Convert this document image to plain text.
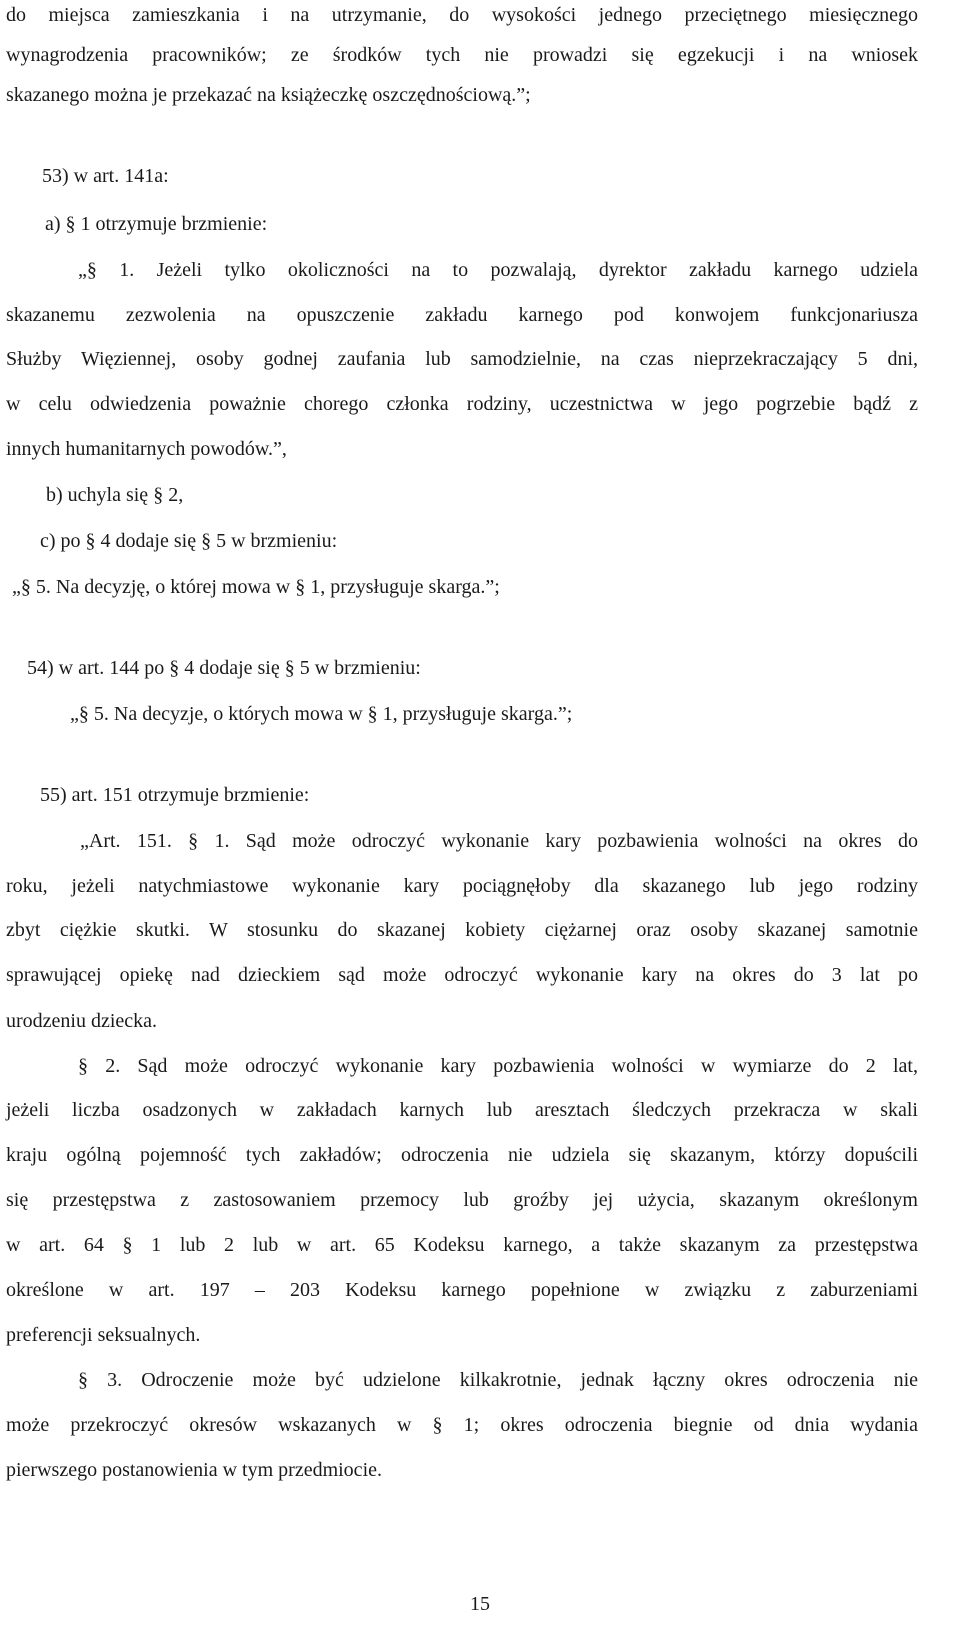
do miejsca zamieszkania i na utrzymanie, do wysokości jednego przeciętnego miesięcznego
wynagrodzenia pracowników; ze środków tych nie prowadzi się egzekucji i na wniosek
skazanego można je przekazać na książeczkę oszczędnościową.”;
53) w art. 141a:
a) § 1 otrzymuje brzmienie:
„§ 1. Jeżeli tylko okoliczności na to pozwalają, dyrektor zakładu karnego udziela
skazanemu zezwolenia na opuszczenie zakładu karnego pod konwojem funkcjonariusza
Służby Więziennej, osoby godnej zaufania lub samodzielnie, na czas nieprzekraczający 5 dni,
w celu odwiedzenia poważnie chorego członka rodziny, uczestnictwa w jego pogrzebie bądź z
innych humanitarnych powodów.”,
b) uchyla się § 2,
c) po § 4 dodaje się § 5 w brzmieniu:
„§ 5. Na decyzję, o której mowa w § 1, przysługuje skarga.”;
54) w art. 144 po § 4 dodaje się § 5 w brzmieniu:
„§ 5. Na decyzje, o których mowa w § 1, przysługuje skarga.”;
55) art. 151 otrzymuje brzmienie:
„Art. 151. § 1. Sąd może odroczyć wykonanie kary pozbawienia wolności na okres do
roku, jeżeli natychmiastowe wykonanie kary pociągnęłoby dla skazanego lub jego rodziny
zbyt ciężkie skutki. W stosunku do skazanej kobiety ciężarnej oraz osoby skazanej samotnie
sprawującej opiekę nad dzieckiem sąd może odroczyć wykonanie kary na okres do 3 lat po
urodzeniu dziecka.
§ 2. Sąd może odroczyć wykonanie kary pozbawienia wolności w wymiarze do 2 lat,
jeżeli liczba osadzonych w zakładach karnych lub aresztach śledczych przekracza w skali
kraju ogólną pojemność tych zakładów; odroczenia nie udziela się skazanym, którzy dopuścili
się przestępstwa z zastosowaniem przemocy lub groźby jej użycia, skazanym określonym
w art. 64 § 1 lub 2 lub w art. 65 Kodeksu karnego, a także skazanym za przestępstwa
określone w art. 197 – 203 Kodeksu karnego popełnione w związku z zaburzeniami
preferencji seksualnych.
§ 3. Odroczenie może być udzielone kilkakrotnie, jednak łączny okres odroczenia nie
może przekroczyć okresów wskazanych w § 1; okres odroczenia biegnie od dnia wydania
pierwszego postanowienia w tym przedmiocie.
15
